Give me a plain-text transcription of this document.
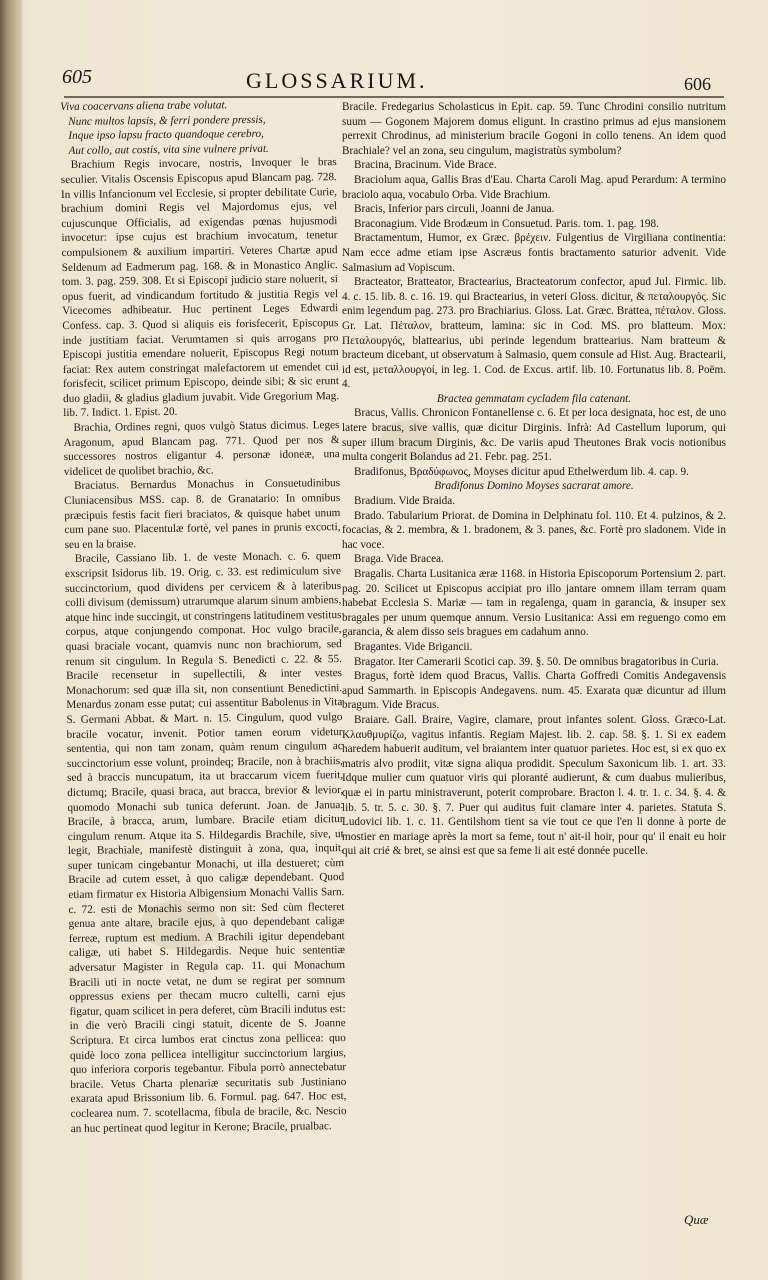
605	GLOSSARIUM.	606

Viva coacervans aliena trabe volutat.

Nunc multos lapsis, & ferri pondere pressis,

Inque ipso lapsu fracto quandoque cerebro,

Aut collo, aut costis, vita sine vulnere privat.

Brachium Regis invocare, nostris, Invoquer le bras seculier. Vitalis Oscensis Episcopus apud Blancam pag. 728. In villis Infancionum vel Ecclesie, si propter debilitate Curie, brachium domini Regis vel Majordomus ejus, vel cujuscunque Officialis, ad exigendas pœnas hujusmodi invocetur: ipse cujus est brachium invocatum, tenetur compulsionem & auxilium impartiri. Veteres Chartæ apud Seldenum ad Eadmerum pag. 168. & in Monastico Anglic. tom. 3. pag. 259. 308. Et si Episcopi judicio stare noluerit, si opus fuerit, ad vindicandum fortitudo & justitia Regis vel Vicecomes adhibeatur. Huc pertinent Leges Edwardi Confess. cap. 3. Quod si aliquis eis forisfecerit, Episcopus inde justitiam faciat. Verumtamen si quis arrogans pro Episcopi justitia emendare noluerit, Episcopus Regi notum faciat: Rex autem constringat malefactorem ut emendet cui forisfecit, scilicet primum Episcopo, deinde sibi; & sic erunt duo gladii, & gladius gladium juvabit. Vide Gregorium Mag. lib. 7. Indict. 1. Epist. 20.

Brachia, Ordines regni, quos vulgò Status dicimus. Leges Aragonum, apud Blancam pag. 771. Quod per nos & successores nostros eligantur 4. personæ idoneæ, una videlicet de quolibet brachio, &c.

Braciatus. Bernardus Monachus in Consuetudinibus Cluniacensibus MSS. cap. 8. de Granatario: In omnibus præcipuis festis facit fieri braciatos, & quisque habet unum cum pane suo. Placentulæ fortè, vel panes in prunis excocti, seu en la braise.

Bracile, Cassiano lib. 1. de veste Monach. c. 6. quem exscripsit Isidorus lib. 19. Orig. c. 33. est redimiculum sive succinctorium, quod dividens per cervicem & à lateribus colli divisum (demissum) utrarumque alarum sinum ambiens, atque hinc inde succingit, ut constringens latitudinem vestitus corpus, atque conjungendo componat. Hoc vulgo bracile, quasi braciale vocant, quamvis nunc non brachiorum, sed renum sit cingulum. In Regula S. Benedicti c. 22. & 55. Bracile recensetur in supellectili, & inter vestes Monachorum: sed quæ illa sit, non consentiunt Benedictini. Menardus zonam esse putat; cui assentitur Babolenus in Vita S. Germani Abbat. & Mart. n. 15. Cingulum, quod vulgo bracile vocatur, invenit. Potior tamen eorum videtur sententia, qui non tam zonam, quàm renum cingulum ac succinctorium esse volunt, proindeq; Bracile, non à brachiis, sed à braccis nuncupatum, ita ut braccarum vicem fuerit, dictumq; Bracile, quasi braca, aut bracca, brevior & levior, quomodo Monachi sub tunica deferunt. Joan. de Janua: Bracile, à bracca, arum, lumbare. Bracile etiam dicitur cingulum renum. Atque ita S. Hildegardis Brachile, sive, ut legit, Brachiale, manifestè distinguit à zona, qua, inquit, super tunicam cingebantur Monachi, ut illa destueret; cùm Bracile ad cutem esset, à quo caligæ dependebant. Quod etiam firmatur ex Historia Albigensium Monachi Vallis Sarn. c. 72. esti de Monachis sermo non sit: Sed cùm flecteret genua ante altare, bracile ejus, à quo dependebant caligæ ferreæ, ruptum est medium. A Brachili igitur dependebant caligæ, uti habet S. Hildegardis. Neque huic sententiæ adversatur Magister in Regula cap. 11. qui Monachum Bracili uti in nocte vetat, ne dum se regirat per somnum oppressus exiens per thecam mucro cultelli, carni ejus figatur, quam scilicet in pera deferet, cùm Bracili indutus est: in die verò Bracili cingi statuit, dicente de S. Joanne Scriptura. Et circa lumbos erat cinctus zona pellicea: quo quidè loco zona pellicea intelligitur succinctorium largius, quo inferiora corporis tegebantur. Fibula porrò annectebatur bracile. Vetus Charta plenariæ securitatis sub Justiniano exarata apud Brissonium lib. 6. Formul. pag. 647. Hoc est, coclearea num. 7. scotellacma, fibula de bracile, &c. Nescio an huc pertineat quod legitur in Kerone; Bracile, prualbac.

Bracile. Fredegarius Scholasticus in Epit. cap. 59. Tunc Chrodini consilio nutritum suum — Gogonem Majorem domus eligunt. In crastino primus ad ejus mansionem perrexit Chrodinus, ad ministerium bracile Gogoni in collo tenens. An idem quod Brachiale? vel an zona, seu cingulum, magistratùs symbolum?

Bracina, Bracinum. Vide Brace.

Braciolum aqua, Gallis Bras d'Eau. Charta Caroli Mag. apud Perardum: A termino braciolo aqua, vocabulo Orba. Vide Brachium.

Bracis, Inferior pars circuli, Joanni de Janua.

Braconagium. Vide Brodæum in Consuetud. Paris. tom. 1. pag. 198.

Bractamentum, Humor, ex Græc. βρέχειν. Fulgentius de Virgiliana continentia: Nam ecce adme etiam ipse Ascræus fontis bractamento saturior advenit. Vide Salmasium ad Vopiscum.

Bracteator, Bratteator, Bractearius, Bracteatorum confector, apud Jul. Firmic. lib. 4. c. 15. lib. 8. c. 16. 19. qui Bractearius, in veteri Gloss. dicitur, & πεταλουργός. Sic enim legendum pag. 273. pro Brachiarius. Gloss. Lat. Græc. Brattea, πέταλον. Gloss. Gr. Lat. Πέταλον, bratteum, lamina: sic in Cod. MS. pro blatteum. Mox: Πεταλουργός, blattearius, ubi perinde legendum brattearius. Nam bratteum & bracteum dicebant, ut observatum à Salmasio, quem consule ad Hist. Aug. Bractearii, id est, μεταλλουργοί, in leg. 1. Cod. de Excus. artif. lib. 10. Fortunatus lib. 8. Poëm. 4.

Bractea gemmatam cycladem fila catenant.

Bracus, Vallis. Chronicon Fontanellense c. 6. Et per loca designata, hoc est, de uno latere bracus, sive vallis, quæ dicitur Dirginis. Infrà: Ad Castellum luporum, qui super illum bracum Dirginis, &c. De variis apud Theutones Brak vocis notionibus multa congerit Bolandus ad 21. Febr. pag. 251.

Bradifonus, Βραδύφωνος, Moyses dicitur apud Ethelwerdum lib. 4. cap. 9.

Bradifonus Domino Moyses sacrarat amore.

Bradium. Vide Braida.

Brado. Tabularium Priorat. de Domina in Delphinatu fol. 110. Et 4. pulzinos, & 2. focacias, & 2. membra, & 1. bradonem, & 3. panes, &c. Fortè pro sladonem. Vide in hac voce.

Braga. Vide Bracea.

Bragalis. Charta Lusitanica æræ 1168. in Historia Episcoporum Portensium 2. part. pag. 20. Scilicet ut Episcopus accipiat pro illo jantare omnem illam terram quam habebat Ecclesia S. Mariæ — tam in regalenga, quam in garancia, & insuper sex bragales per unum quemque annum. Versio Lusitanica: Assi em reguengo como em garancia, & alem disso seis bragues em cadahum anno.

Bragantes. Vide Brigancii.

Bragator. Iter Camerarii Scotici cap. 39. §. 50. De omnibus bragatoribus in Curia.

Bragus, fortè idem quod Bracus, Vallis. Charta Goffredi Comitis Andegavensis apud Sammarth. in Episcopis Andegavens. num. 45. Exarata quæ dicuntur ad illum bragum. Vide Bracus.

Braiare. Gall. Braire, Vagire, clamare, prout infantes solent. Gloss. Græco-Lat. Κλαυθμυρίζω, vagitus infantis. Regiam Majest. lib. 2. cap. 58. §. 1. Si ex eadem haredem habuerit auditum, vel braiantem inter quatuor parietes. Hoc est, si ex quo ex matris alvo prodiit, vitæ signa aliqua prodidit. Speculum Saxonicum lib. 1. art. 33. Idque mulier cum quatuor viris qui ploranté audierunt, & cum duabus mulieribus, quæ ei in partu ministraverunt, poterit comprobare. Bracton l. 4. tr. 1. c. 34. §. 4. & lib. 5. tr. 5. c. 30. §. 7. Puer qui auditus fuit clamare inter 4. parietes. Statuta S. Ludovici lib. 1. c. 11. Gentilshom tient sa vie tout ce que l'en li donne à porte de mostier en mariage après la mort sa feme, tout n' ait-il hoir, pour qu' il enait eu hoir qui ait crié & bret, se ainsi est que sa feme li ait esté donnée pucelle.

Quæ
